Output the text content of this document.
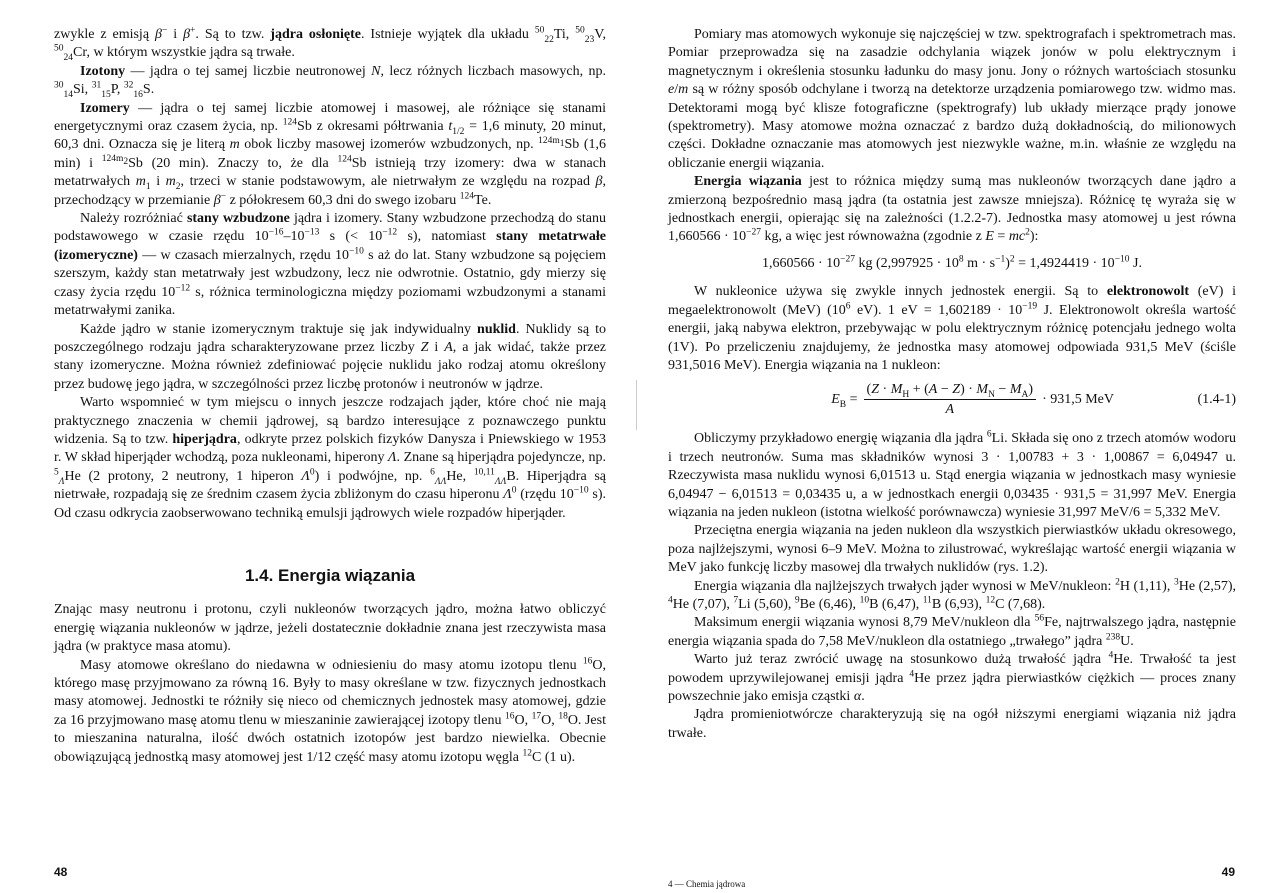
zwykle z emisją β− i β+. Są to tzw. jądra osłonięte. Istnieje wyjątek dla układu $^{50}_{22}$Ti, $^{50}_{23}$V, $^{50}_{24}$Cr, w którym wszystkie jądra są trwałe.

Izotony — jądra o tej samej liczbie neutronowej N, lecz różnych liczbach masowych, np. $^{30}_{14}$Si, $^{31}_{15}$P, $^{32}_{16}$S.

Izomery — jądra o tej samej liczbie atomowej i masowej, ale różniące się stanami energetycznymi oraz czasem życia, np. $^{124}$Sb z okresami półtrwania $t_{1/2} = 1,6$ minuty, 20 minut, 60,3 dni. Oznacza się je literą m obok liczby masowej izomerów wzbudzonych, np. $^{124m_1}$Sb (1,6 min) i $^{124m_2}$Sb (20 min). Znaczy to, że dla $^{124}$Sb istnieją trzy izomery: dwa w stanach metatrwałych $m_1$ i $m_2$, trzeci w stanie podstawowym, ale nietrwałym ze względu na rozpad β, przechodzący w przemianie β− z półokresem 60,3 dni do swego izobaru $^{124}$Te.

Należy rozróżniać stany wzbudzone jądra i izomery. Stany wzbudzone przechodzą do stanu podstawowego w czasie rzędu $10^{-16}-10^{-13}$ s (< $10^{-12}$ s), natomiast stany metatrwałe (izomeryczne) — w czasach mierzalnych, rzędu $10^{-10}$ s aż do lat. Stany wzbudzone są pojęciem szerszym, każdy stan metatrwały jest wzbudzony, lecz nie odwrotnie. Ostatnio, gdy mierzy się czasy życia rzędu $10^{-12}$ s, różnica terminologiczna między poziomami wzbudzonymi a stanami metatrwałymi zanika.

Każde jądro w stanie izomerycznym traktuje się jak indywidualny nuklid. Nuklidy są to poszczególnego rodzaju jądra scharakteryzowane przez liczby Z i A, a jak widać, także przez stany izomeryczne. Można również zdefiniować pojęcie nuklidu jako rodzaj atomu określony przez budowę jego jądra, w szczególności przez liczbę protonów i neutronów w jądrze.

Warto wspomnieć w tym miejscu o innych jeszcze rodzajach jąder, które choć nie mają praktycznego znaczenia w chemii jądrowej, są bardzo interesujące z poznawczego punktu widzenia. Są to tzw. hiperjądra, odkryte przez polskich fizyków Danysza i Pniewskiego w 1953 r. W skład hiperjąder wchodzą, poza nukleonami, hiperony Λ. Znane są hiperjądra pojedyncze, np. $^5_\Lambda$He (2 protony, 2 neutrony, 1 hiperon $\Lambda^0$) i podwójne, np. $^6_{\Lambda\Lambda}$He, $^{10,11}_{\Lambda\Lambda}$B. Hiperjądra są nietrwałe, rozpadają się ze średnim czasem życia zbliżonym do czasu hiperonu $\Lambda^0$ (rzędu $10^{-10}$ s). Od czasu odkrycia zaobserwowano techniką emulsji jądrowych wiele rozpadów hiperjąder.

1.4. Energia wiązania

Znając masy neutronu i protonu, czyli nukleonów tworzących jądro, można łatwo obliczyć energię wiązania nukleonów w jądrze, jeżeli dostatecznie dokładnie znana jest rzeczywista masa jądra (w praktyce masa atomu).

Masy atomowe określano do niedawna w odniesieniu do masy atomu izotopu tlenu $^{16}$O, którego masę przyjmowano za równą 16. Były to masy określane w tzw. fizycznych jednostkach masy atomowej. Jednostki te różniły się nieco od chemicznych jednostek masy atomowej, gdzie za 16 przyjmowano masę atomu tlenu w mieszaninie zawierającej izotopy tlenu $^{16}$O, $^{17}$O, $^{18}$O. Jest to mieszanina naturalna, ilość dwóch ostatnich izotopów jest bardzo niewielka. Obecnie obowiązującą jednostką masy atomowej jest 1/12 część masy atomu izotopu węgla $^{12}$C (1 u).

48

Pomiary mas atomowych wykonuje się najczęściej w tzw. spektrografach i spektrometrach mas. Pomiar przeprowadza się na zasadzie odchylania wiązek jonów w polu elektrycznym i magnetycznym i określenia stosunku ładunku do masy jonu. Jony o różnych wartościach stosunku e/m są w różny sposób odchylane i tworzą na detektorze urządzenia pomiarowego tzw. widmo mas. Detektorami mogą być klisze fotograficzne (spektrografy) lub układy mierzące prądy jonowe (spektrometry). Masy atomowe można oznaczać z bardzo dużą dokładnością, do milionowych części. Dokładne oznaczanie mas atomowych jest niezwykle ważne, m.in. właśnie ze względu na obliczanie energii wiązania.

Energia wiązania jest to różnica między sumą mas nukleonów tworzących dane jądro a zmierzoną bezpośrednio masą jądra (ta ostatnia jest zawsze mniejsza). Różnicę tę wyraża się w jednostkach energii, opierając się na zależności (1.2.2-7). Jednostka masy atomowej u jest równa $1,660566 \cdot 10^{-27}$ kg, a więc jest równoważna (zgodnie z $E = mc^2$):

$1,660566 \cdot 10^{-27}$ kg ($2,997925 \cdot 10^8$ $m \cdot s^{-1})^2 = 1,4924419 \cdot 10^{-10}$ J.

W nukleonice używa się zwykle innych jednostek energii. Są to elektronowolt (eV) i megaelektronowolt (MeV) ($10^6$ eV). 1 eV = $1,602189 \cdot 10^{-19}$ J. Elektronowolt określa wartość energii, jaką nabywa elektron, przebywając w polu elektrycznym różnicę potencjału jednego wolta (1V). Po przeliczeniu znajdujemy, że jednostka masy atomowej odpowiada 931,5 MeV (ściśle 931,5016 MeV). Energia wiązania na 1 nukleon:

$E_B = \frac{(Z \cdot M_H + (A - Z) \cdot M_N - M_A)}{A} \cdot 931,5$ MeV	(1.4-1)

Obliczymy przykładowo energię wiązania dla jądra $^6$Li. Składa się ono z trzech atomów wodoru i trzech neutronów. Suma mas składników wynosi 3 · 1,00783 + 3 · 1,00867 = 6,04947 u. Rzeczywista masa nuklidu wynosi 6,01513 u. Stąd energia wiązania w jednostkach masy wyniesie 6,04947 − 6,01513 = 0,03435 u, a w jednostkach energii 0,03435 · 931,5 = 31,997 MeV. Energia wiązania na jeden nukleon (istotna wielkość porównawcza) wyniesie 31,997 MeV/6 = 5,332 MeV.

Przeciętna energia wiązania na jeden nukleon dla wszystkich pierwiastków układu okresowego, poza najlżejszymi, wynosi 6–9 MeV. Można to zilustrować, wykreślając wartość energii wiązania w MeV jako funkcję liczby masowej dla trwałych nuklidów (rys. 1.2).

Energia wiązania dla najlżejszych trwałych jąder wynosi w MeV/nukleon: $^2$H (1,11), $^3$He (2,57), $^4$He (7,07), $^7$Li (5,60), $^9$Be (6,46), $^{10}$B (6,47), $^{11}$B (6,93), $^{12}$C (7,68).

Maksimum energii wiązania wynosi 8,79 MeV/nukleon dla $^{56}$Fe, najtrwalszego jądra, następnie energia wiązania spada do 7,58 MeV/nukleon dla ostatniego „trwałego” jądra $^{238}$U.

Warto już teraz zwrócić uwagę na stosunkowo dużą trwałość jądra $^4$He. Trwałość ta jest powodem uprzywilejowanej emisji jądra $^4$He przez jądra pierwiastków ciężkich — proces znany powszechnie jako emisja cząstki α.

Jądra promieniotwórcze charakteryzują się na ogół niższymi energiami wiązania niż jądra trwałe.

4 — Chemia jądrowa
49
